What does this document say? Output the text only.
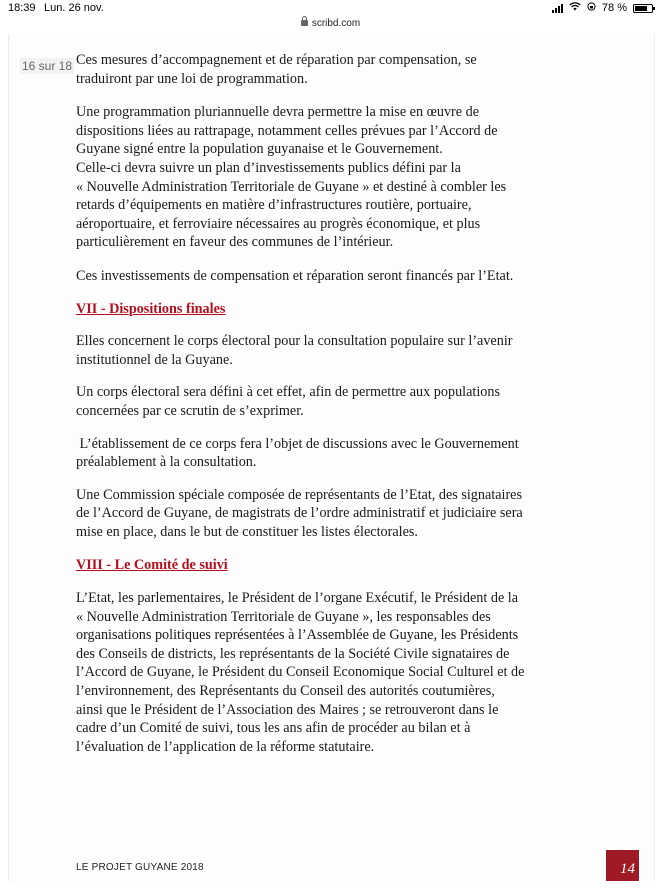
18:39 Lun. 26 nov.	78 %
scribd.com

Ces mesures d’accompagnement et de réparation par compensation, se
traduiront par une loi de programmation.

Une programmation pluriannuelle devra permettre la mise en œuvre de
dispositions liées au rattrapage, notamment celles prévues par l’Accord de
Guyane signé entre la population guyanaise et le Gouvernement.
Celle-ci devra suivre un plan d’investissements publics défini par la
« Nouvelle Administration Territoriale de Guyane » et destiné à combler les
retards d’équipements en matière d’infrastructures routière, portuaire,
aéroportuaire, et ferroviaire nécessaires au progrès économique, et plus
particulièrement en faveur des communes de l’intérieur.

Ces investissements de compensation et réparation seront financés par l’Etat.

VII - Dispositions finales

Elles concernent le corps électoral pour la consultation populaire sur l’avenir
institutionnel de la Guyane.

Un corps électoral sera défini à cet effet, afin de permettre aux populations
concernées par ce scrutin de s’exprimer.

L’établissement de ce corps fera l’objet de discussions avec le Gouvernement
préalablement à la consultation.

Une Commission spéciale composée de représentants de l’Etat, des signataires
de l’Accord de Guyane, de magistrats de l’ordre administratif et judiciaire sera
mise en place, dans le but de constituer les listes électorales.

VIII - Le Comité de suivi

L’Etat, les parlementaires, le Président de l’organe Exécutif, le Président de la
« Nouvelle Administration Territoriale de Guyane », les responsables des
organisations politiques représentées à l’Assemblée de Guyane, les Présidents
des Conseils de districts, les représentants de la Société Civile signataires de
l’Accord de Guyane, le Président du Conseil Economique Social Culturel et de
l’environnement, des Représentants du Conseil des autorités coutumières,
ainsi que le Président de l’Association des Maires ; se retrouveront dans le
cadre d’un Comité de suivi, tous les ans afin de procéder au bilan et à
l’évaluation de l’application de la réforme statutaire.

16 sur 18
LE PROJET GUYANE 2018	14
